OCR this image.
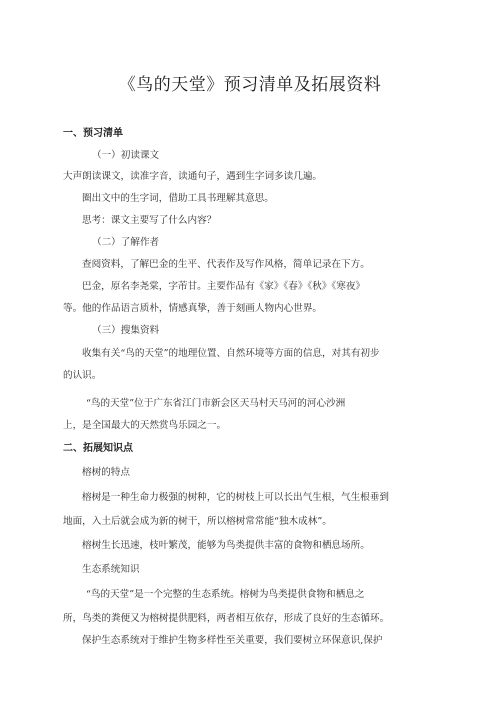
《鸟的天堂》预习清单及拓展资料
一、预习清单
（一）初读课文
大声朗读课文，读准字音，读通句子，遇到生字词多读几遍。
圈出文中的生字词，借助工具书理解其意思。
思考：课文主要写了什么内容？
（二）了解作者
查阅资料，了解巴金的生平、代表作及写作风格，简单记录在下方。
巴金，原名李尧棠，字芾甘。主要作品有《家》《春》《秋》《寒夜》
等。他的作品语言质朴，情感真挚，善于刻画人物内心世界。
（三）搜集资料
收集有关“鸟的天堂”的地理位置、自然环境等方面的信息，对其有初步
的认识。
“鸟的天堂”位于广东省江门市新会区天马村天马河的河心沙洲
上，是全国最大的天然赏鸟乐园之一。
二、拓展知识点
榕树的特点
榕树是一种生命力极强的树种，它的树枝上可以长出气生根，气生根垂到
地面，入土后就会成为新的树干，所以榕树常常能“独木成林”。
榕树生长迅速，枝叶繁茂，能够为鸟类提供丰富的食物和栖息场所。
生态系统知识
“鸟的天堂”是一个完整的生态系统。榕树为鸟类提供食物和栖息之
所，鸟类的粪便又为榕树提供肥料，两者相互依存，形成了良好的生态循环。
保护生态系统对于维护生物多样性至关重要，我们要树立环保意识,保护
